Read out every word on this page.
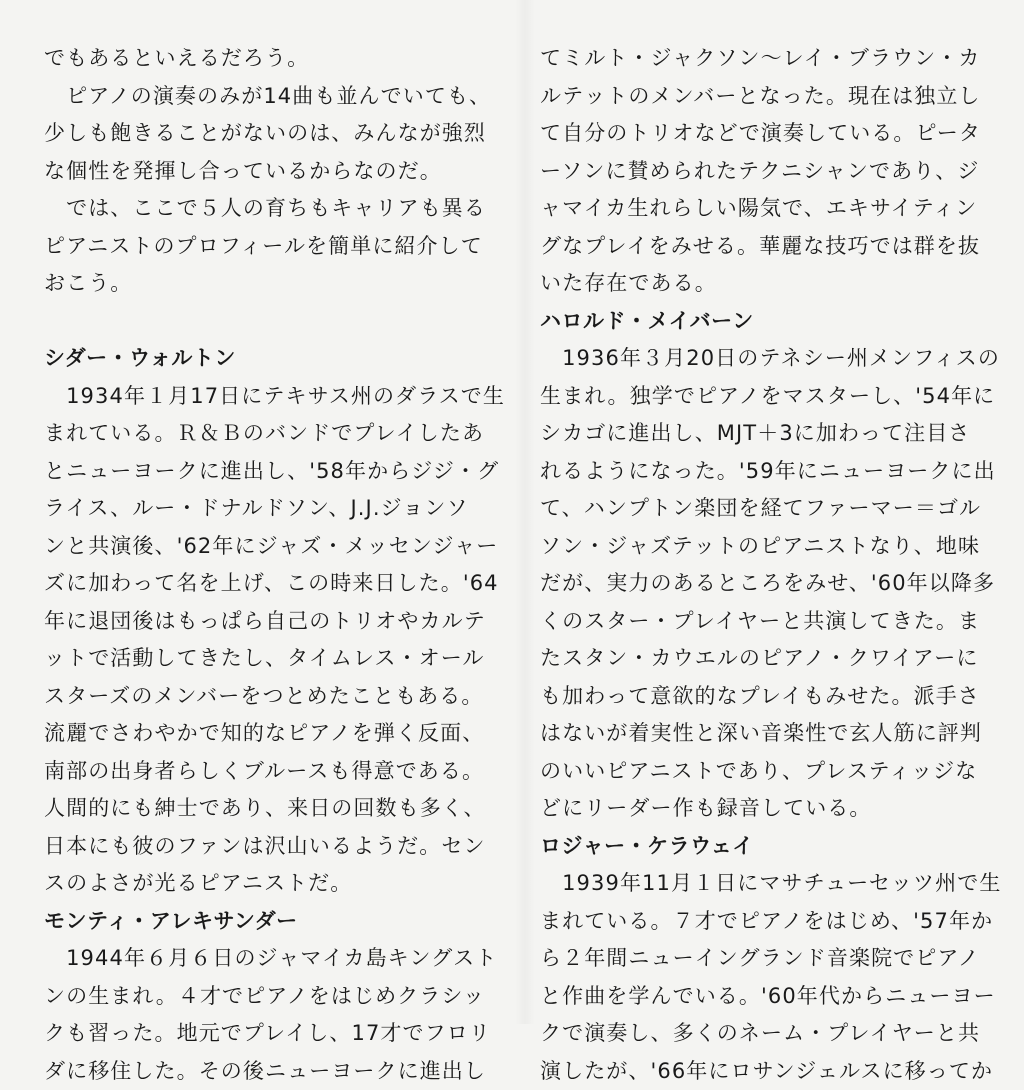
でもあるといえるだろう。
　ピアノの演奏のみが14曲も並んでいても、
少しも飽きることがないのは、みんなが強烈
な個性を発揮し合っているからなのだ。
　では、ここで５人の育ちもキャリアも異る
ピアニストのプロフィールを簡単に紹介して
おこう。
シダー・ウォルトン
　1934年１月17日にテキサス州のダラスで生
まれている。Ｒ＆Ｂのバンドでプレイしたあ
とニューヨークに進出し、'58年からジジ・グ
ライス、ルー・ドナルドソン、J.J.ジョンソ
ンと共演後、'62年にジャズ・メッセンジャー
ズに加わって名を上げ、この時来日した。'64
年に退団後はもっぱら自己のトリオやカルテ
ットで活動してきたし、タイムレス・オール
スターズのメンバーをつとめたこともある。
流麗でさわやかで知的なピアノを弾く反面、
南部の出身者らしくブルースも得意である。
人間的にも紳士であり、来日の回数も多く、
日本にも彼のファンは沢山いるようだ。セン
スのよさが光るピアニストだ。
モンティ・アレキサンダー
　1944年６月６日のジャマイカ島キングスト
ンの生まれ。４才でピアノをはじめクラシッ
クも習った。地元でプレイし、17才でフロリ
ダに移住した。その後ニューヨークに進出し
てミルト・ジャクソン～レイ・ブラウン・カ
ルテットのメンバーとなった。現在は独立し
て自分のトリオなどで演奏している。ピータ
ーソンに賛められたテクニシャンであり、ジ
ャマイカ生れらしい陽気で、エキサイティン
グなプレイをみせる。華麗な技巧では群を抜
いた存在である。
ハロルド・メイバーン
　1936年３月20日のテネシー州メンフィスの
生まれ。独学でピアノをマスターし、'54年に
シカゴに進出し、MJT＋3に加わって注目さ
れるようになった。'59年にニューヨークに出
て、ハンプトン楽団を経てファーマー＝ゴル
ソン・ジャズテットのピアニストなり、地味
だが、実力のあるところをみせ、'60年以降多
くのスター・プレイヤーと共演してきた。ま
たスタン・カウエルのピアノ・クワイアーに
も加わって意欲的なプレイもみせた。派手さ
はないが着実性と深い音楽性で玄人筋に評判
のいいピアニストであり、プレスティッジな
どにリーダー作も録音している。
ロジャー・ケラウェイ
　1939年11月１日にマサチューセッツ州で生
まれている。７才でピアノをはじめ、'57年か
ら２年間ニューイングランド音楽院でピアノ
と作曲を学んでいる。'60年代からニューヨー
クで演奏し、多くのネーム・プレイヤーと共
演したが、'66年にロサンジェルスに移ってか
